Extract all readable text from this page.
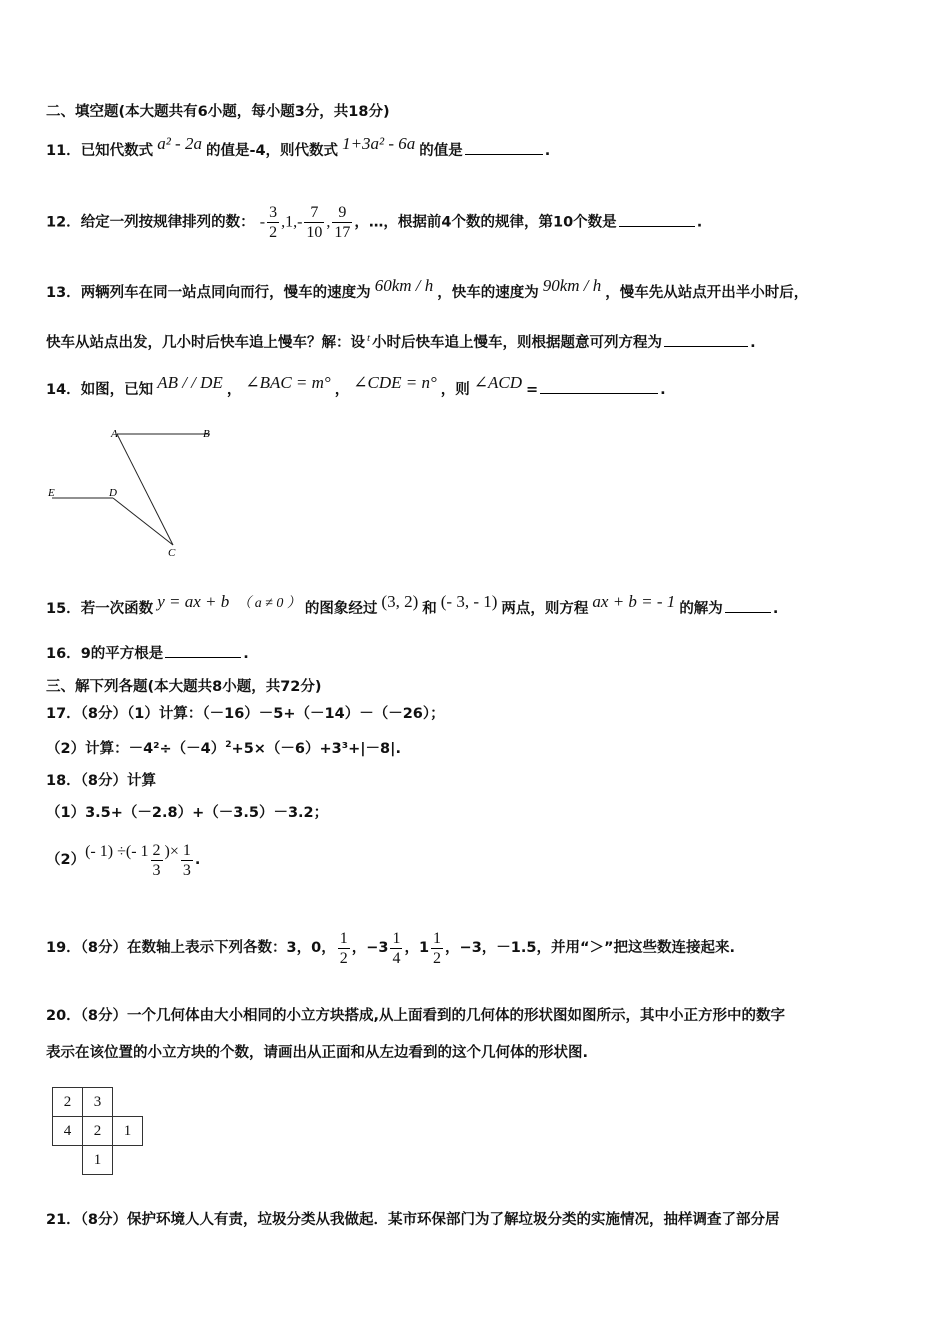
二、填空题(本大题共有6小题，每小题3分，共18分)
11．已知代数式 a² - 2a 的值是-4，则代数式 1+3a² - 6a 的值是	.
12．给定一列按规律排列的数： - $\frac{3}{2} ,1,- \frac{7}{10}$ , $\frac{9}{17}$ ，…，根据前4个数的规律，第10个数是	.
13．两辆列车在同一站点同向而行，慢车的速度为 60km / h ，快车的速度为 90km / h ，慢车先从站点开出半小时后，
快车从站点出发，几小时后快车追上慢车？解：设 $^t$ 小时后快车追上慢车，则根据题意可列方程为	.
14．如图，已知 AB / / DE ， ∠BAC = m° ， ∠CDE = n° ，则 ∠ACD =	.
A	B
E	D
C
15．若一次函数 y = ax + b （ a ≠ 0 ） 的图象经过 (3, 2) 和 (- 3, - 1) 两点，则方程 ax + b = - 1 的解为	.
16．9的平方根是	.
三、解下列各题(本大题共8小题，共72分)
17．（8分）（1）计算：（－16）－5+（－14）－（－26）；
（2）计算：$-4^2\div(-4)^2+5\times(-6)+3^3+|-8|$.
18．（8分）计算
（1）3.5+（－2.8）+（－3.5）－3.2；
（2）(- 1) ÷(- $1 \frac{2}{3}$ )× $\frac{1}{3}$ .
19．（8分）在数轴上表示下列各数：3，0， $\frac{1}{2}$ ，$-3 \frac{1}{4}$ ，$1 \frac{1}{2}$ ，−3，－1.5，并用“＞”把这些数连接起来.
20．（8分）一个几何体由大小相同的小立方块搭成,从上面看到的几何体的形状图如图所示，其中小正方形中的数字
表示在该位置的小立方块的个数，请画出从正面和从左边看到的这个几何体的形状图.
2	3	
4	2	1
	1	
21．（8分）保护环境人人有责，垃圾分类从我做起．某市环保部门为了解垃圾分类的实施情况，抽样调查了部分居
